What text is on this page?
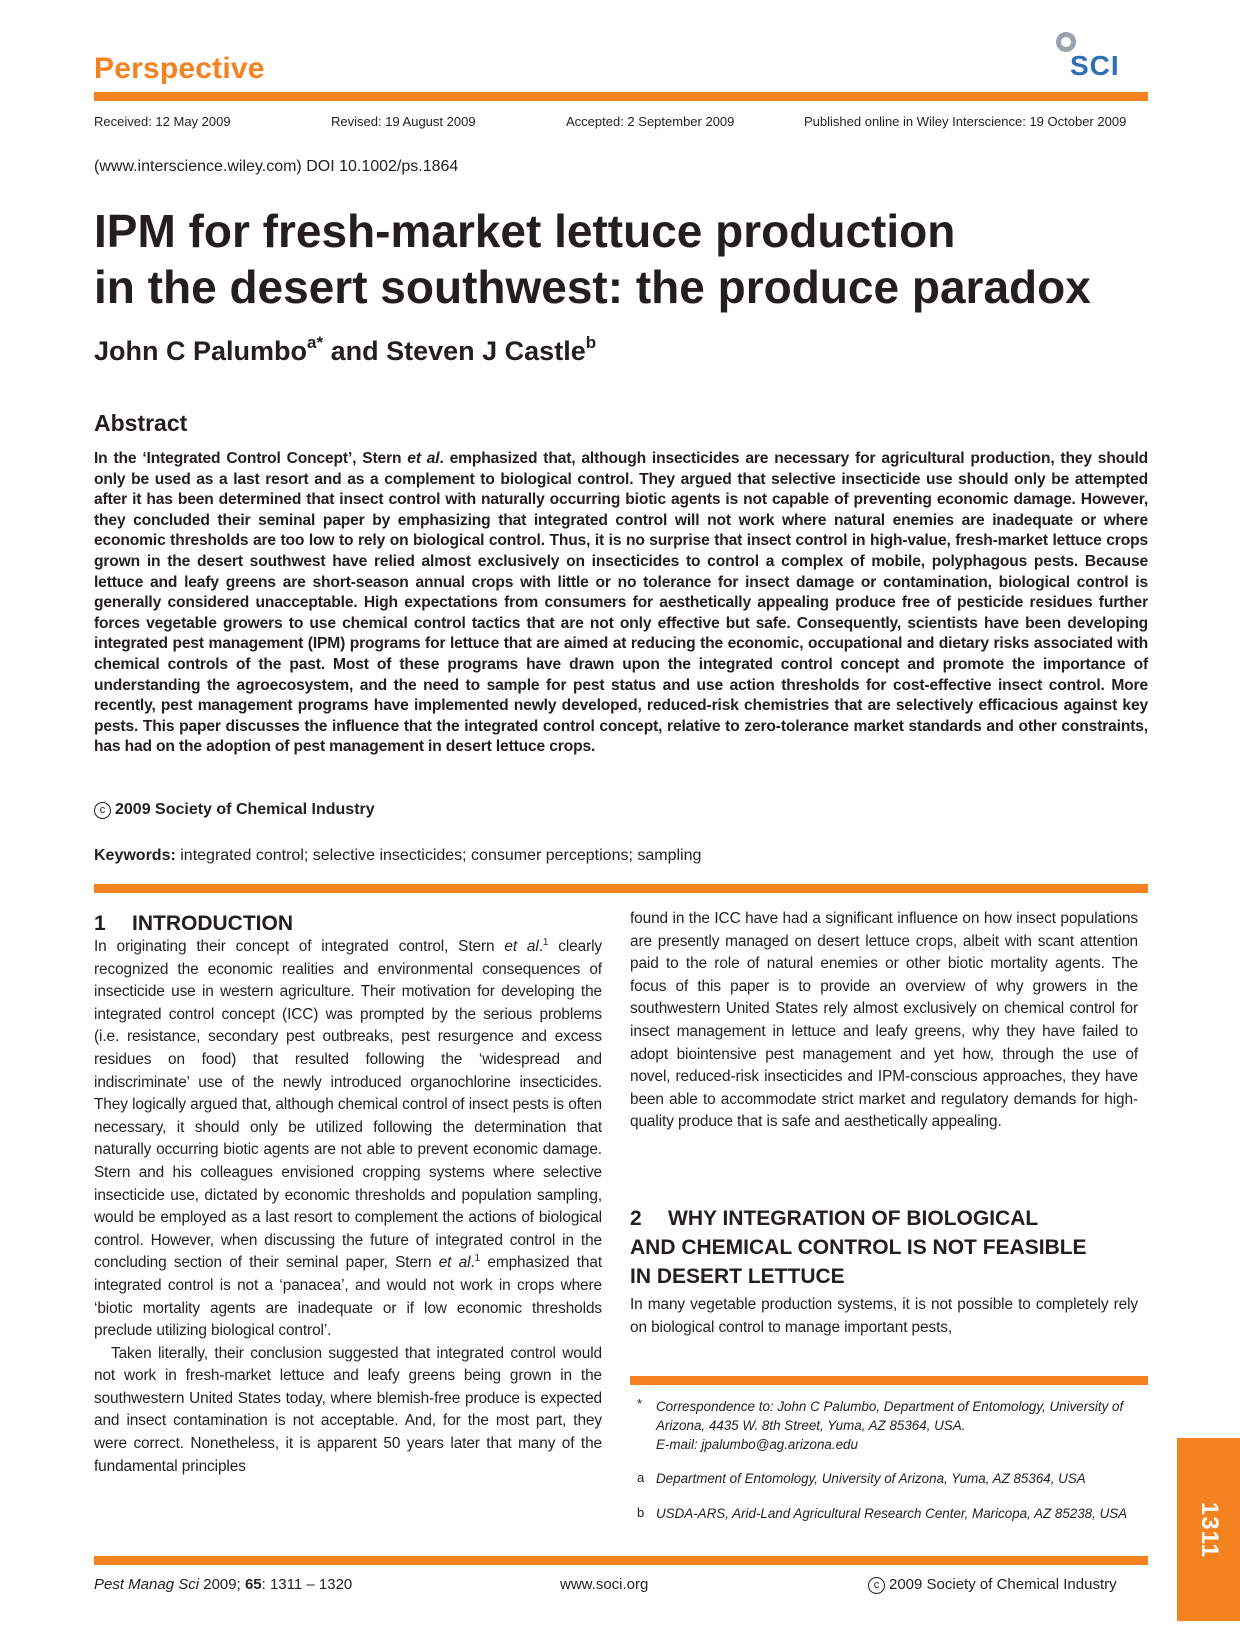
Perspective	SCI
Received: 12 May 2009	Revised: 19 August 2009	Accepted: 2 September 2009	Published online in Wiley Interscience: 19 October 2009
(www.interscience.wiley.com) DOI 10.1002/ps.1864
IPM for fresh-market lettuce production
in the desert southwest: the produce paradox
John C Palumbo$^{a*}$ and Steven J Castle$^b$
Abstract
In the ‘Integrated Control Concept’, Stern et al. emphasized that, although insecticides are necessary for agricultural production, they should only be used as a last resort and as a complement to biological control. They argued that selective insecticide use should only be attempted after it has been determined that insect control with naturally occurring biotic agents is not capable of preventing economic damage. However, they concluded their seminal paper by emphasizing that integrated control will not work where natural enemies are inadequate or where economic thresholds are too low to rely on biological control. Thus, it is no surprise that insect control in high-value, fresh-market lettuce crops grown in the desert southwest have relied almost exclusively on insecticides to control a complex of mobile, polyphagous pests. Because lettuce and leafy greens are short-season annual crops with little or no tolerance for insect damage or contamination, biological control is generally considered unacceptable. High expectations from consumers for aesthetically appealing produce free of pesticide residues further forces vegetable growers to use chemical control tactics that are not only effective but safe. Consequently, scientists have been developing integrated pest management (IPM) programs for lettuce that are aimed at reducing the economic, occupational and dietary risks associated with chemical controls of the past. Most of these programs have drawn upon the integrated control concept and promote the importance of understanding the agroecosystem, and the need to sample for pest status and use action thresholds for cost-effective insect control. More recently, pest management programs have implemented newly developed, reduced-risk chemistries that are selectively efficacious against key pests. This paper discusses the influence that the integrated control concept, relative to zero-tolerance market standards and other constraints, has had on the adoption of pest management in desert lettuce crops.
c 2009 Society of Chemical Industry
Keywords: integrated control; selective insecticides; consumer perceptions; sampling
1 INTRODUCTION

In originating their concept of integrated control, Stern et al.$^1$ clearly recognized the economic realities and environmental consequences of insecticide use in western agriculture. Their motivation for developing the integrated control concept (ICC) was prompted by the serious problems (i.e. resistance, secondary pest outbreaks, pest resurgence and excess residues on food) that resulted following the ‘widespread and indiscriminate’ use of the newly introduced organochlorine insecticides. They logically argued that, although chemical control of insect pests is often necessary, it should only be utilized following the determination that naturally occurring biotic agents are not able to prevent economic damage. Stern and his colleagues envisioned cropping systems where selective insecticide use, dictated by economic thresholds and population sampling, would be employed as a last resort to complement the actions of biological control. However, when discussing the future of integrated control in the concluding section of their seminal paper, Stern et al.$^1$ emphasized that integrated control is not a ‘panacea’, and would not work in crops where ‘biotic mortality agents are inadequate or if low economic thresholds preclude utilizing biological control’.

Taken literally, their conclusion suggested that integrated control would not work in fresh-market lettuce and leafy greens being grown in the southwestern United States today, where blemish-free produce is expected and insect contamination is not acceptable. And, for the most part, they were correct. Nonetheless, it is apparent 50 years later that many of the fundamental principles

found in the ICC have had a significant influence on how insect populations are presently managed on desert lettuce crops, albeit with scant attention paid to the role of natural enemies or other biotic mortality agents. The focus of this paper is to provide an overview of why growers in the southwestern United States rely almost exclusively on chemical control for insect management in lettuce and leafy greens, why they have failed to adopt biointensive pest management and yet how, through the use of novel, reduced-risk insecticides and IPM-conscious approaches, they have been able to accommodate strict market and regulatory demands for high-quality produce that is safe and aesthetically appealing.

2 WHY INTEGRATION OF BIOLOGICAL
AND CHEMICAL CONTROL IS NOT FEASIBLE
IN DESERT LETTUCE

In many vegetable production systems, it is not possible to completely rely on biological control to manage important pests,

* Correspondence to: John C Palumbo, Department of Entomology, University of
Arizona, 4435 W. 8th Street, Yuma, AZ 85364, USA.
E-mail: jpalumbo@ag.arizona.edu
a Department of Entomology, University of Arizona, Yuma, AZ 85364, USA
b USDA-ARS, Arid-Land Agricultural Research Center, Maricopa, AZ 85238, USA	1311
Pest Manag Sci 2009; 65: 1311 – 1320	www.soci.org	c 2009 Society of Chemical Industry
